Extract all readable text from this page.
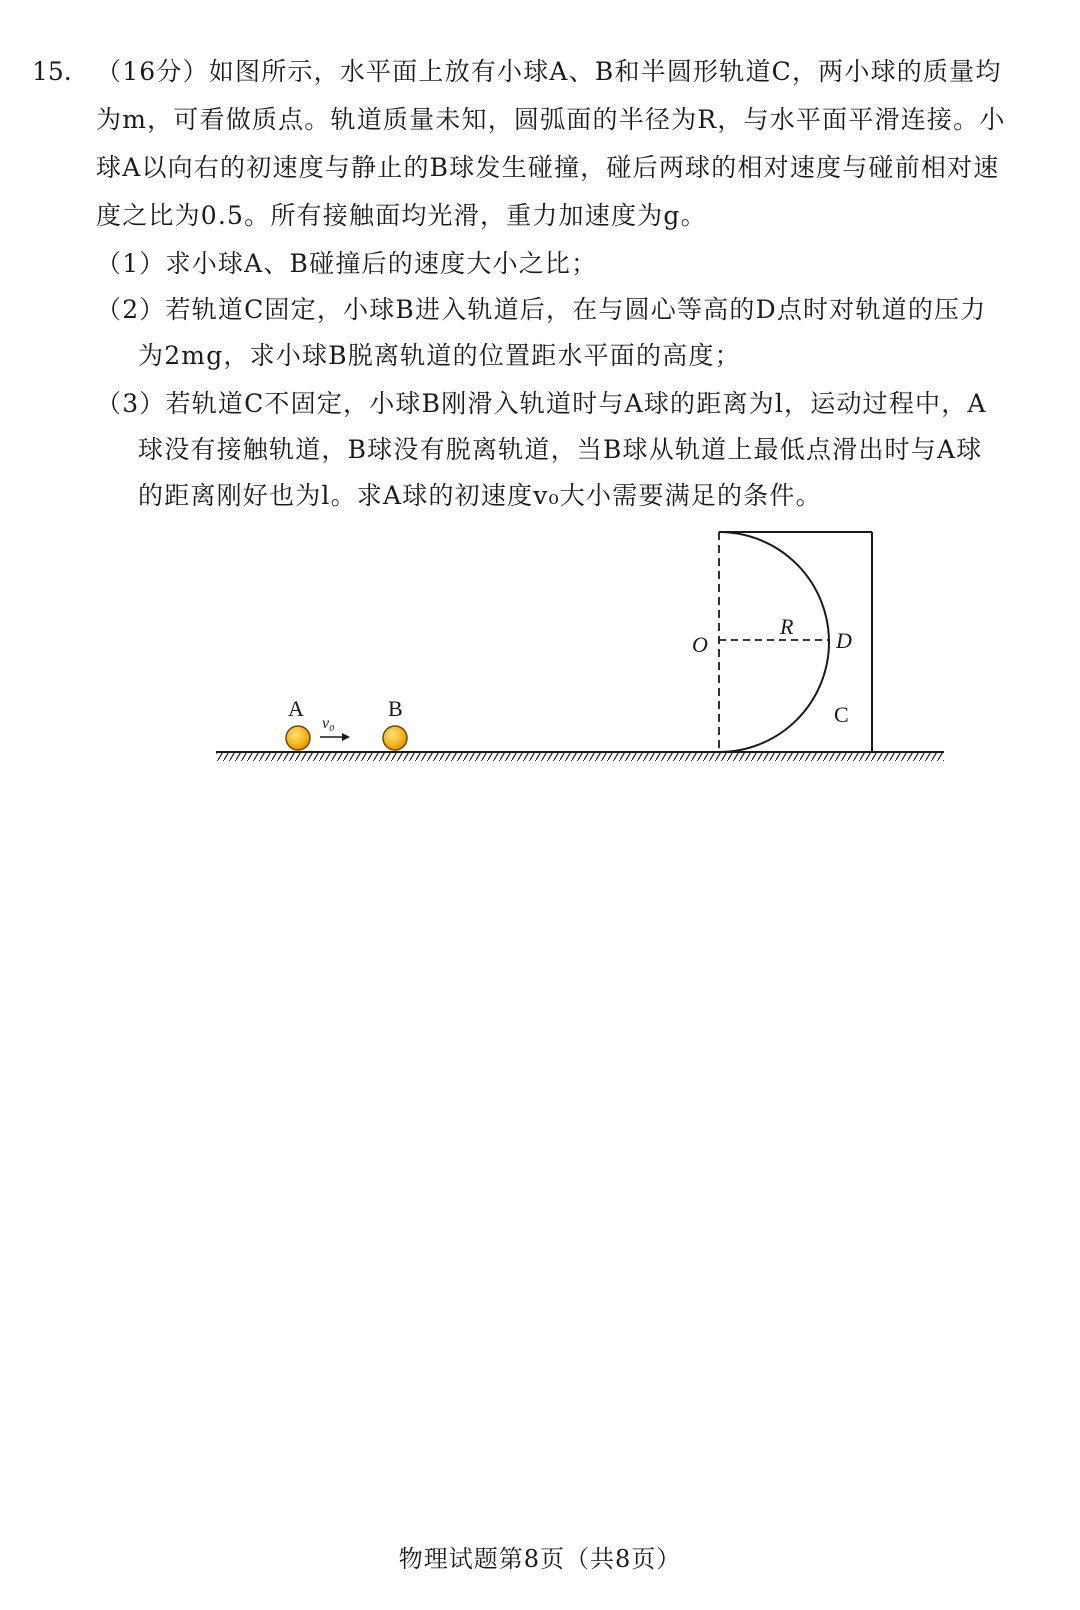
15. （16分）如图所示，水平面上放有小球A、B和半圆形轨道C，两小球的质量均
为m，可看做质点。轨道质量未知，圆弧面的半径为R，与水平面平滑连接。小
球A以向右的初速度与静止的B球发生碰撞，碰后两球的相对速度与碰前相对速
度之比为0.5。所有接触面均光滑，重力加速度为g。
（1）求小球A、B碰撞后的速度大小之比；
（2）若轨道C固定，小球B进入轨道后，在与圆心等高的D点时对轨道的压力
为2mg，求小球B脱离轨道的位置距水平面的高度；
（3）若轨道C不固定，小球B刚滑入轨道时与A球的距离为l，运动过程中，A
球没有接触轨道，B球没有脱离轨道，当B球从轨道上最低点滑出时与A球
的距离刚好也为l。求A球的初速度v₀大小需要满足的条件。
A
v₀
B
O
R
D
C
物理试题第8页（共8页）
